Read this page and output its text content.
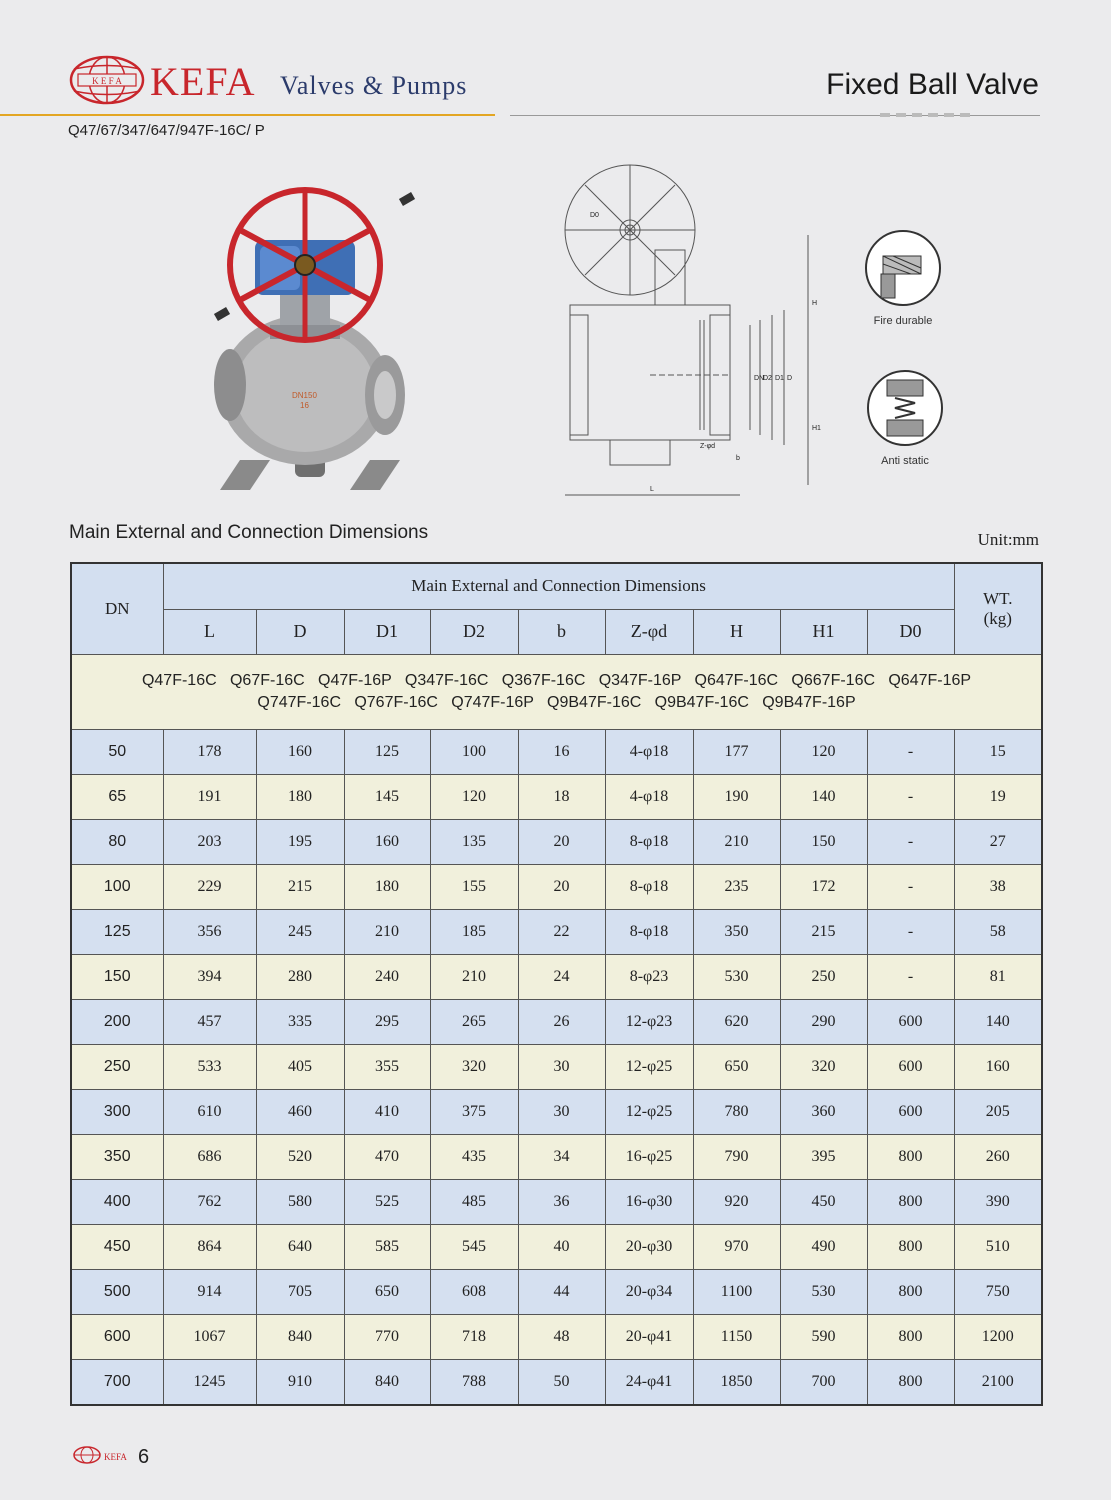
K E F A KEFA Valves & Pumps	Fixed Ball Valve
Q47/67/347/647/947F-16C/ P
DN150
16
D0
H
H1
DN
D2 D1 D
Z-φd
b
L
Fire durable
Anti static
Main External and Connection Dimensions	Unit:mm
DN	Main External and Connection Dimensions									WT.
(kg)

	L	D	D1	D2	b	Z-φd	H	H1	D0	

Q47F-16C   Q67F-16C   Q47F-16P   Q347F-16C   Q367F-16C   Q347F-16P   Q647F-16C   Q667F-16C   Q647F-16P
Q747F-16C   Q767F-16C   Q747F-16P   Q9B47F-16C   Q9B47F-16C   Q9B47F-16P										

50	178	160	125	100	16	4-φ18	177	120	-	15
65	191	180	145	120	18	4-φ18	190	140	-	19
80	203	195	160	135	20	8-φ18	210	150	-	27
100	229	215	180	155	20	8-φ18	235	172	-	38
125	356	245	210	185	22	8-φ18	350	215	-	58
150	394	280	240	210	24	8-φ23	530	250	-	81
200	457	335	295	265	26	12-φ23	620	290	600	140
250	533	405	355	320	30	12-φ25	650	320	600	160
300	610	460	410	375	30	12-φ25	780	360	600	205
350	686	520	470	435	34	16-φ25	790	395	800	260
400	762	580	525	485	36	16-φ30	920	450	800	390
450	864	640	585	545	40	20-φ30	970	490	800	510
500	914	705	650	608	44	20-φ34	1100	530	800	750
600	1067	840	770	718	48	20-φ41	1150	590	800	1200
700	1245	910	840	788	50	24-φ41	1850	700	800	2100
KEFA 6
